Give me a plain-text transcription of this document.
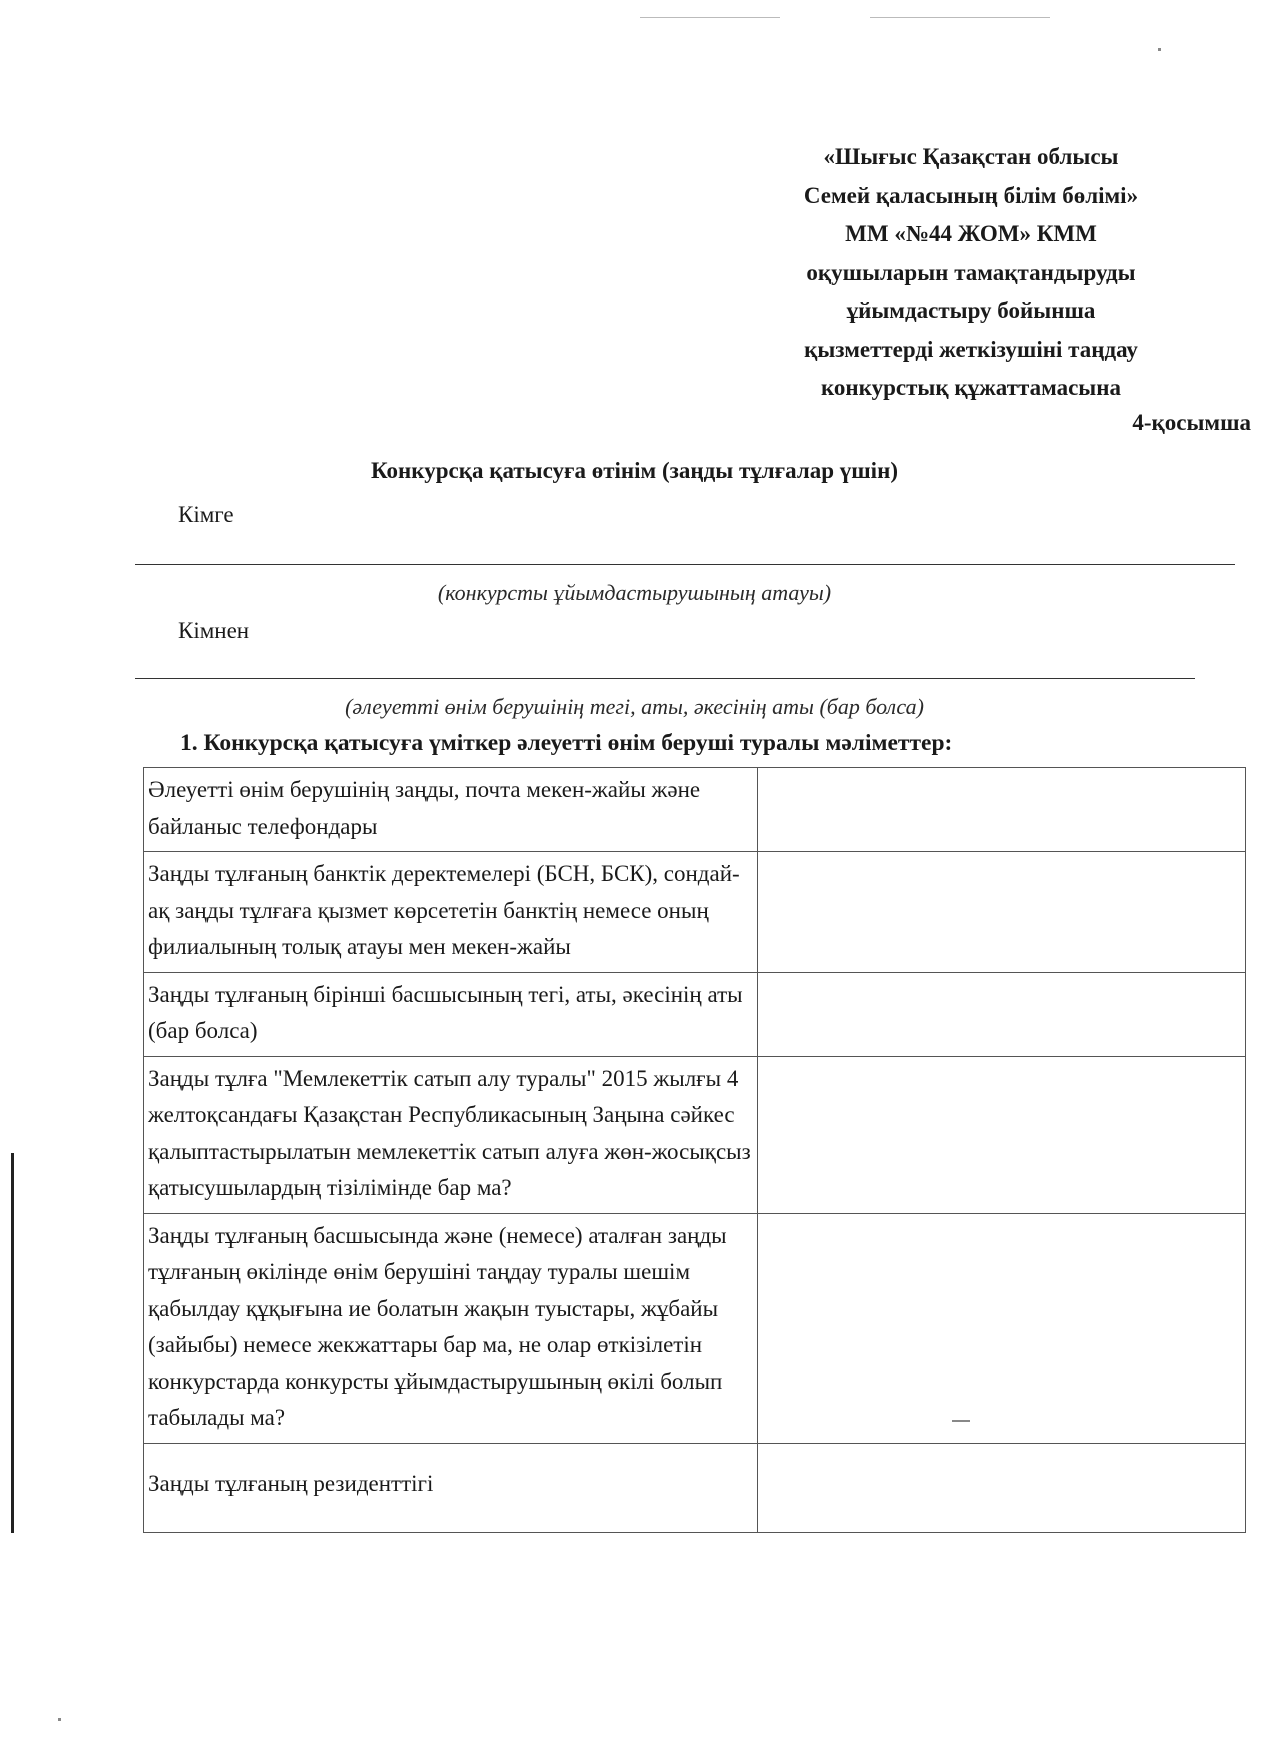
«Шығыс Қазақстан облысы
Семей қаласының білім бөлімі»
ММ «№44 ЖОМ» КММ
оқушыларын тамақтандыруды
ұйымдастыру бойынша
қызметтерді жеткізушіні таңдау
конкурстық құжаттамасына
4-қосымша
Конкурсқа қатысуға өтінім (заңды тұлғалар үшін)
Кімге
(конкурсты ұйымдастырушының атауы)
Кімнен
(әлеуетті өнім берушінің тегі, аты, әкесінің аты (бар болса)
1. Конкурсқа қатысуға үміткер әлеуетті өнім беруші туралы мәліметтер:
Әлеуетті өнім берушінің заңды, почта мекен-жайы және байланыс телефондары	
Заңды тұлғаның банктік деректемелері (БСН, БСК), сондай-ақ заңды тұлғаға қызмет көрсететін банктің немесе оның филиалының толық атауы мен мекен-жайы	
Заңды тұлғаның бірінші басшысының тегі, аты, әкесінің аты (бар болса)	
Заңды тұлға "Мемлекеттік сатып алу туралы" 2015 жылғы 4 желтоқсандағы Қазақстан Республикасының Заңына сәйкес қалыптастырылатын мемлекеттік сатып алуға жөн-жосықсыз қатысушылардың тізілімінде бар ма?	
Заңды тұлғаның басшысында және (немесе) аталған заңды тұлғаның өкілінде өнім берушіні таңдау туралы шешім қабылдау құқығына ие болатын жақын туыстары, жұбайы (зайыбы) немесе жекжаттары бар ма, не олар өткізілетін конкурстарда конкурсты ұйымдастырушының өкілі болып табылады ма?	
Заңды тұлғаның резиденттігі	
